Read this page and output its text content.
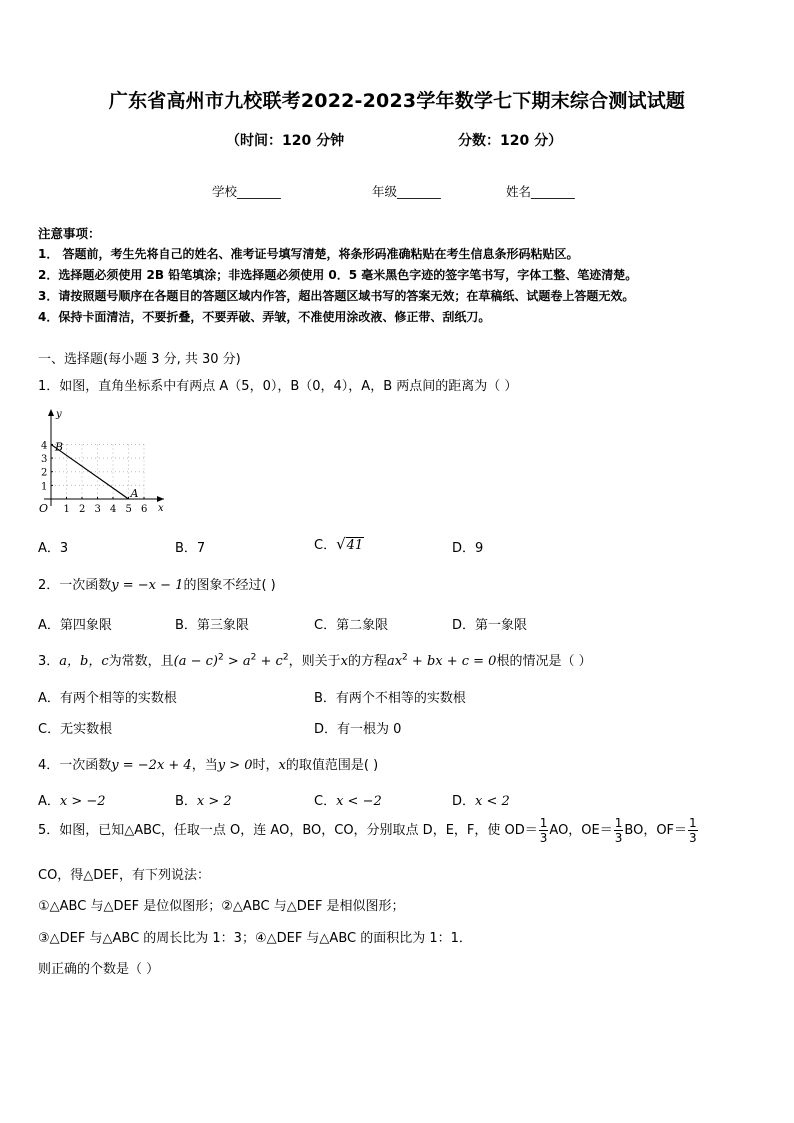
广东省高州市九校联考2022-2023学年数学七下期末综合测试试题
（时间：120 分钟	分数：120 分）
学校_______	年级_______	姓名_______
注意事项：
1． 答题前，考生先将自己的姓名、准考证号填写清楚，将条形码准确粘贴在考生信息条形码粘贴区。
2．选择题必须使用 2B 铅笔填涂；非选择题必须使用 0．5 毫米黑色字迹的签字笔书写，字体工整、笔迹清楚。
3．请按照题号顺序在各题目的答题区域内作答，超出答题区域书写的答案无效；在草稿纸、试题卷上答题无效。
4．保持卡面清洁，不要折叠，不要弄破、弄皱，不准使用涂改液、修正带、刮纸刀。
一、选择题(每小题 3 分, 共 30 分)
1．如图，直角坐标系中有两点 A（5，0），B（0，4），A，B 两点间的距离为（ ）
1 2 3 4 5 6
1
2
3
4
O
y
x
B
A
A．3	B．7	C．√41	D．9
2．一次函数y = −x − 1的图象不经过( )
A．第四象限	B．第三象限	C．第二象限	D．第一象限
3．a，b，c为常数，且$(a - c)^2 > a^2 + c^2$，则关于x的方程$ax^2$ + bx + c = 0根的情况是（ ）
A．有两个相等的实数根	B．有两个不相等的实数根
C．无实数根	D．有一根为 0
4．一次函数y = −2x + 4，当y > 0时，x的取值范围是( )
A．x > −2	B．x > 2	C．x < −2	D．x < 2
5．如图，已知△ABC，任取一点 O，连 AO，BO，CO，分别取点 D，E，F，使 $OD= \frac{1}{3}$ AO，$OE= \frac{1}{3}$ BO，$OF= \frac{1}{3}$
CO，得△DEF，有下列说法：
①△ABC 与△DEF 是位似图形；②△ABC 与△DEF 是相似图形；
③△DEF 与△ABC 的周长比为 1：3；④△DEF 与△ABC 的面积比为 1：1．
则正确的个数是（ ）
